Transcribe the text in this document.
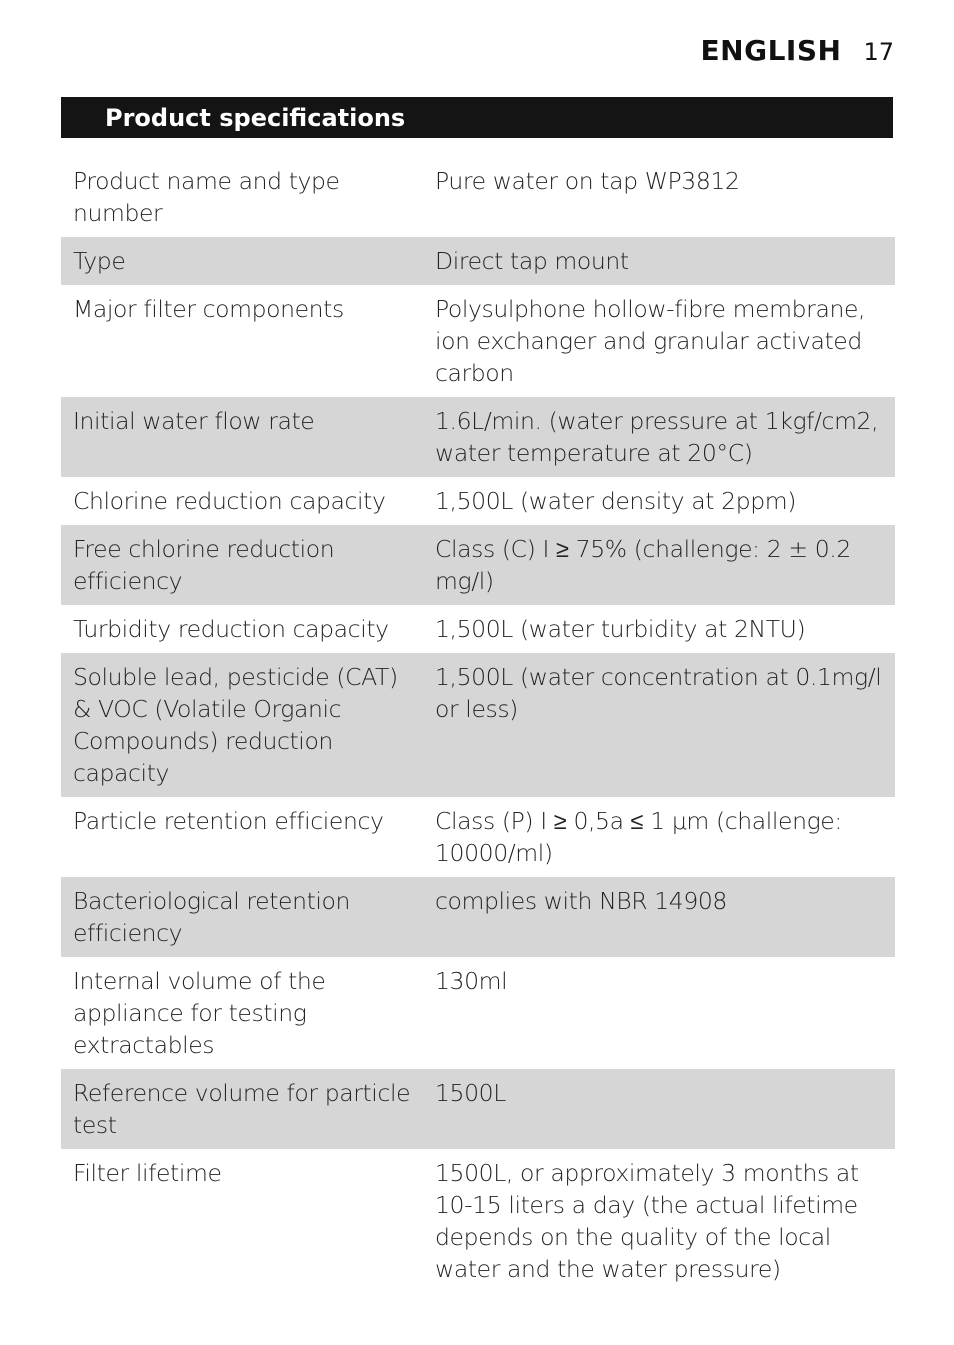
ENGLISH 17
Product specifications
Product name and type number	Pure water on tap WP3812
Type	Direct tap mount
Major filter components	Polysulphone hollow-fibre membrane, ion exchanger and granular activated carbon
Initial water flow rate	1.6L/min. (water pressure at 1kgf/cm2, water temperature at 20°C)
Chlorine reduction capacity	1,500L (water density at 2ppm)
Free chlorine reduction efficiency	Class (C) I ≥ 75% (challenge: 2 ± 0.2 mg/l)
Turbidity reduction capacity	1,500L (water turbidity at 2NTU)
Soluble lead, pesticide (CAT) & VOC (Volatile Organic Compounds) reduction capacity	1,500L (water concentration at 0.1mg/l or less)
Particle retention efficiency	Class (P) I ≥ 0,5a ≤ 1 μm (challenge: 10000/ml)
Bacteriological retention efficiency	complies with NBR 14908
Internal volume of the appliance for testing extractables	130ml
Reference volume for particle test	1500L
Filter lifetime	1500L, or approximately 3 months at 10-15 liters a day (the actual lifetime depends on the quality of the local water and the water pressure)
